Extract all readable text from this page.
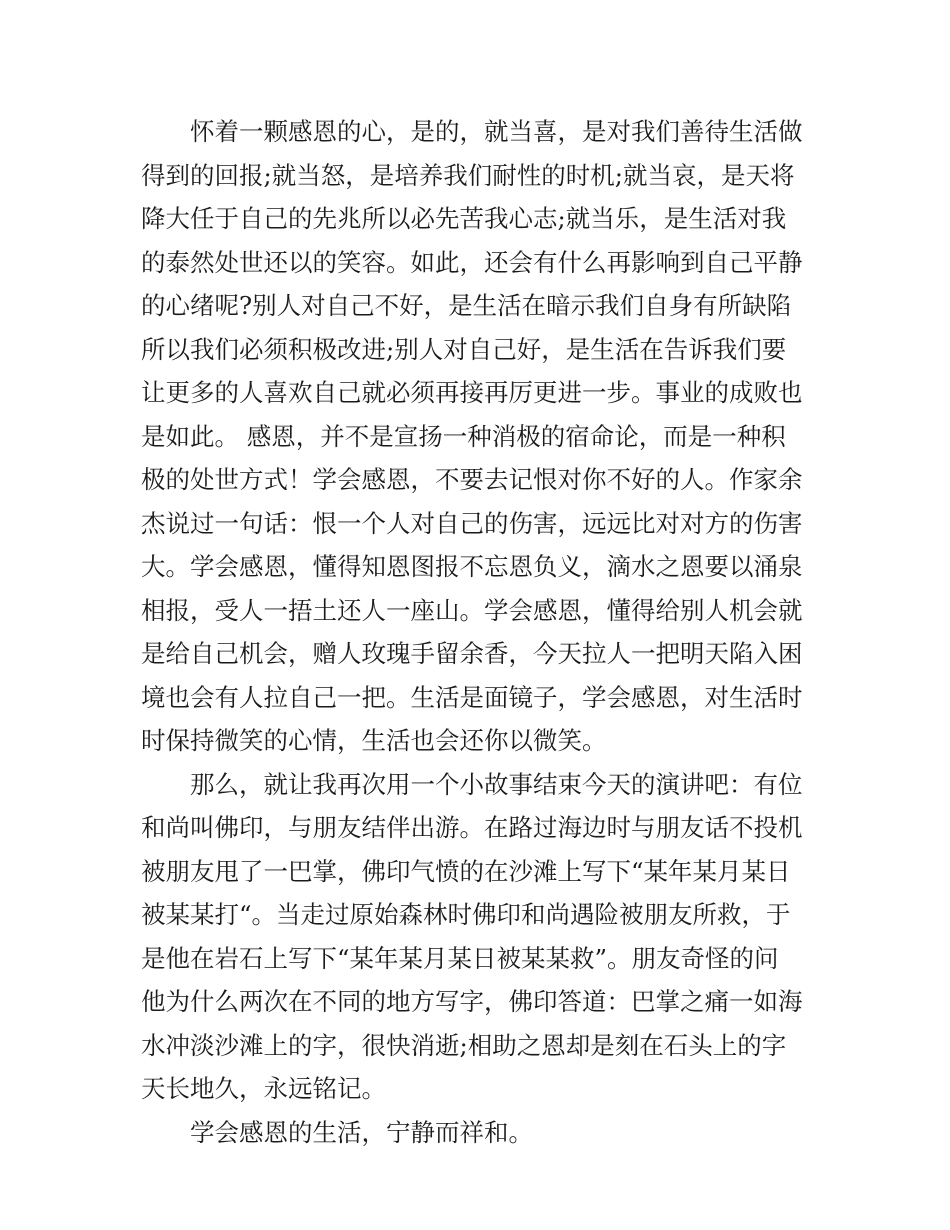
怀着一颗感恩的心，是的，就当喜，是对我们善待生活做
得到的回报;就当怒，是培养我们耐性的时机;就当哀，是天将
降大任于自己的先兆所以必先苦我心志;就当乐，是生活对我
的泰然处世还以的笑容。如此，还会有什么再影响到自己平静
的心绪呢?别人对自己不好，是生活在暗示我们自身有所缺陷
所以我们必须积极改进;别人对自己好，是生活在告诉我们要
让更多的人喜欢自己就必须再接再厉更进一步。事业的成败也
是如此。 感恩，并不是宣扬一种消极的宿命论，而是一种积
极的处世方式！学会感恩，不要去记恨对你不好的人。作家余
杰说过一句话：恨一个人对自己的伤害，远远比对对方的伤害
大。学会感恩，懂得知恩图报不忘恩负义，滴水之恩要以涌泉
相报，受人一捂土还人一座山。学会感恩，懂得给别人机会就
是给自己机会，赠人玫瑰手留余香，今天拉人一把明天陷入困
境也会有人拉自己一把。生活是面镜子，学会感恩，对生活时
时保持微笑的心情，生活也会还你以微笑。
那么，就让我再次用一个小故事结束今天的演讲吧：有位
和尚叫佛印，与朋友结伴出游。在路过海边时与朋友话不投机
被朋友甩了一巴掌，佛印气愤的在沙滩上写下“某年某月某日
被某某打“。当走过原始森林时佛印和尚遇险被朋友所救，于
是他在岩石上写下“某年某月某日被某某救”。朋友奇怪的问
他为什么两次在不同的地方写字，佛印答道：巴掌之痛一如海
水冲淡沙滩上的字，很快消逝;相助之恩却是刻在石头上的字
天长地久，永远铭记。
学会感恩的生活，宁静而祥和。
